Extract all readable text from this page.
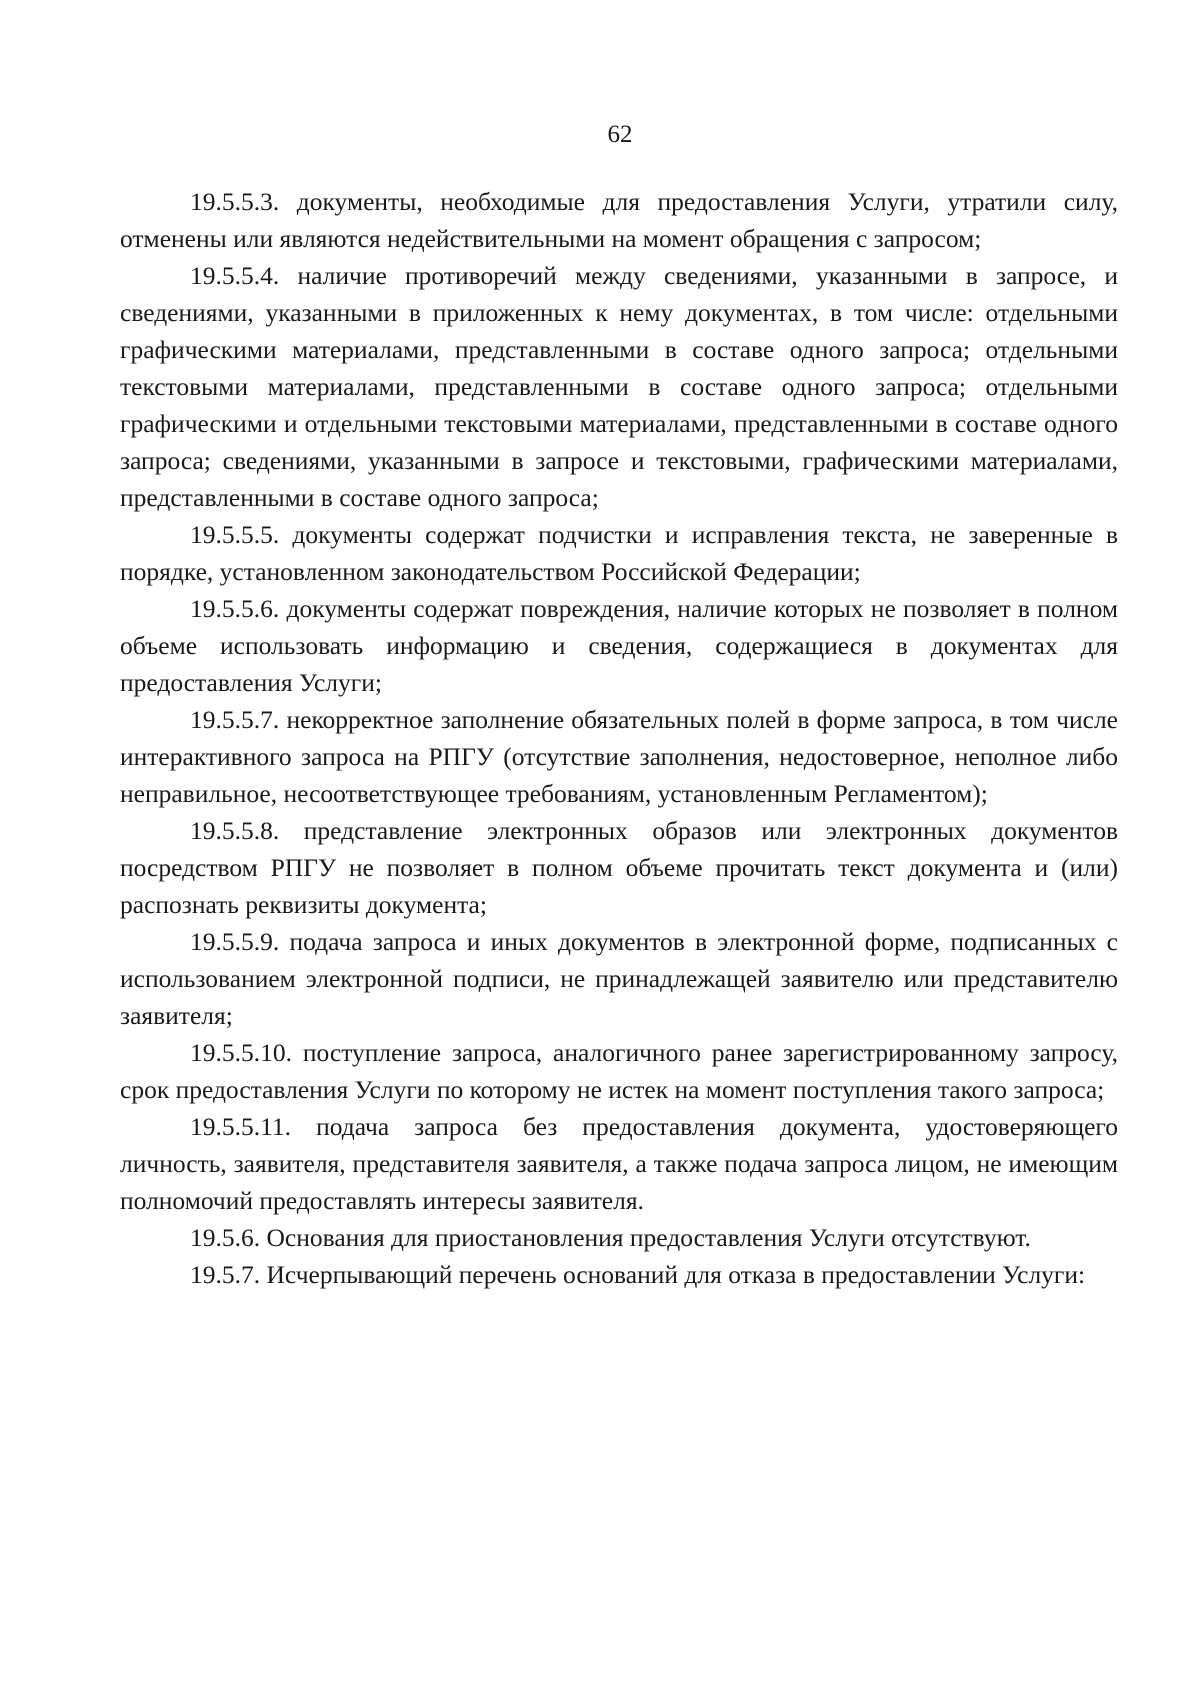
62

19.5.5.3. документы, необходимые для предоставления Услуги, утратили силу, отменены или являются недействительными на момент обращения с запросом;

19.5.5.4. наличие противоречий между сведениями, указанными в запросе, и сведениями, указанными в приложенных к нему документах, в том числе: отдельными графическими материалами, представленными в составе одного запроса; отдельными текстовыми материалами, представленными в составе одного запроса; отдельными графическими и отдельными текстовыми материалами, представленными в составе одного запроса; сведениями, указанными в запросе и текстовыми, графическими материалами, представленными в составе одного запроса;

19.5.5.5. документы содержат подчистки и исправления текста, не заверенные в порядке, установленном законодательством Российской Федерации;

19.5.5.6. документы содержат повреждения, наличие которых не позволяет в полном объеме использовать информацию и сведения, содержащиеся в документах для предоставления Услуги;

19.5.5.7. некорректное заполнение обязательных полей в форме запроса, в том числе интерактивного запроса на РПГУ (отсутствие заполнения, недостоверное, неполное либо неправильное, несоответствующее требованиям, установленным Регламентом);

19.5.5.8. представление электронных образов или электронных документов посредством РПГУ не позволяет в полном объеме прочитать текст документа и (или) распознать реквизиты документа;

19.5.5.9. подача запроса и иных документов в электронной форме, подписанных с использованием электронной подписи, не принадлежащей заявителю или представителю заявителя;

19.5.5.10. поступление запроса, аналогичного ранее зарегистрированному запросу, срок предоставления Услуги по которому не истек на момент поступления такого запроса;

19.5.5.11. подача запроса без предоставления документа, удостоверяющего личность, заявителя, представителя заявителя, а также подача запроса лицом, не имеющим полномочий предоставлять интересы заявителя.

19.5.6. Основания для приостановления предоставления Услуги отсутствуют.

19.5.7. Исчерпывающий перечень оснований для отказа в предоставлении Услуги:
